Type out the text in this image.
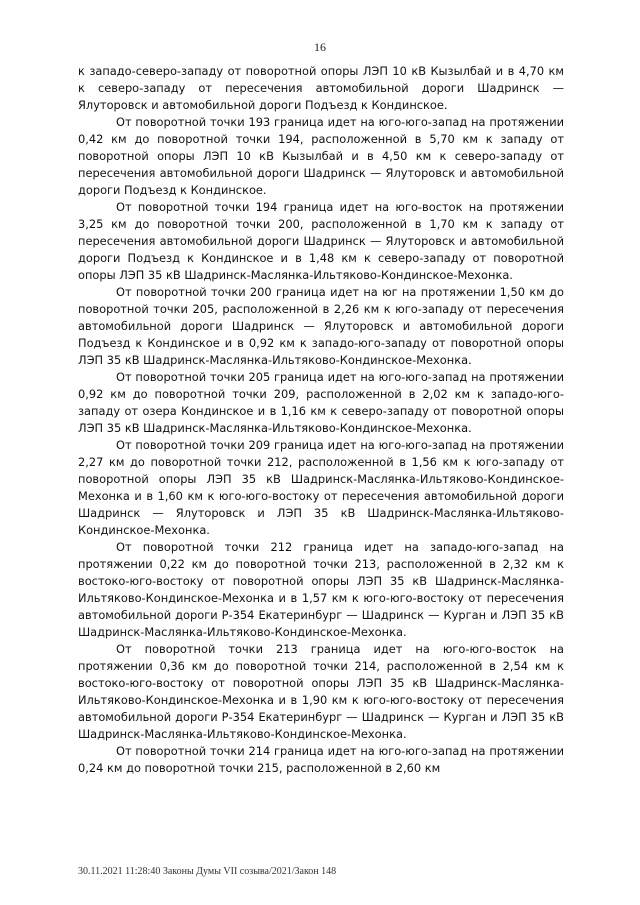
16

к западо-северо-западу от поворотной опоры ЛЭП 10 кВ Кызылбай и в 4,70 км к северо-западу от пересечения автомобильной дороги Шадринск — Ялуторовск и автомобильной дороги Подъезд к Кондинское.

От поворотной точки 193 граница идет на юго-юго-запад на протяжении 0,42 км до поворотной точки 194, расположенной в 5,70 км к западу от поворотной опоры ЛЭП 10 кВ Кызылбай и в 4,50 км к северо-западу от пересечения автомобильной дороги Шадринск — Ялуторовск и автомобильной дороги Подъезд к Кондинское.

От поворотной точки 194 граница идет на юго-восток на протяжении 3,25 км до поворотной точки 200, расположенной в 1,70 км к западу от пересечения автомобильной дороги Шадринск — Ялуторовск и автомобильной дороги Подъезд к Кондинское и в 1,48 км к северо-западу от поворотной опоры ЛЭП 35 кВ Шадринск-Маслянка-Ильтяково-Кондинское-Мехонка.

От поворотной точки 200 граница идет на юг на протяжении 1,50 км до поворотной точки 205, расположенной в 2,26 км к юго-западу от пересечения автомобильной дороги Шадринск — Ялуторовск и автомобильной дороги Подъезд к Кондинское и в 0,92 км к западо-юго-западу от поворотной опоры ЛЭП 35 кВ Шадринск-Маслянка-Ильтяково-Кондинское-Мехонка.

От поворотной точки 205 граница идет на юго-юго-запад на протяжении 0,92 км до поворотной точки 209, расположенной в 2,02 км к западо-юго-западу от озера Кондинское и в 1,16 км к северо-западу от поворотной опоры ЛЭП 35 кВ Шадринск-Маслянка-Ильтяково-Кондинское-Мехонка.

От поворотной точки 209 граница идет на юго-юго-запад на протяжении 2,27 км до поворотной точки 212, расположенной в 1,56 км к юго-западу от поворотной опоры ЛЭП 35 кВ Шадринск-Маслянка-Ильтяково-Кондинское-Мехонка и в 1,60 км к юго-юго-востоку от пересечения автомобильной дороги Шадринск — Ялуторовск и ЛЭП 35 кВ Шадринск-Маслянка-Ильтяково-Кондинское-Мехонка.

От поворотной точки 212 граница идет на западо-юго-запад на протяжении 0,22 км до поворотной точки 213, расположенной в 2,32 км к востоко-юго-востоку от поворотной опоры ЛЭП 35 кВ Шадринск-Маслянка-Ильтяково-Кондинское-Мехонка и в 1,57 км к юго-юго-востоку от пересечения автомобильной дороги Р-354 Екатеринбург — Шадринск — Курган и ЛЭП 35 кВ Шадринск-Маслянка-Ильтяково-Кондинское-Мехонка.

От поворотной точки 213 граница идет на юго-юго-восток на протяжении 0,36 км до поворотной точки 214, расположенной в 2,54 км к востоко-юго-востоку от поворотной опоры ЛЭП 35 кВ Шадринск-Маслянка-Ильтяково-Кондинское-Мехонка и в 1,90 км к юго-юго-востоку от пересечения автомобильной дороги Р-354 Екатеринбург — Шадринск — Курган и ЛЭП 35 кВ Шадринск-Маслянка-Ильтяково-Кондинское-Мехонка.

От поворотной точки 214 граница идет на юго-юго-запад на протяжении 0,24 км до поворотной точки 215, расположенной в 2,60 км

30.11.2021 11:28:40 Законы Думы VII созыва/2021/Закон 148
